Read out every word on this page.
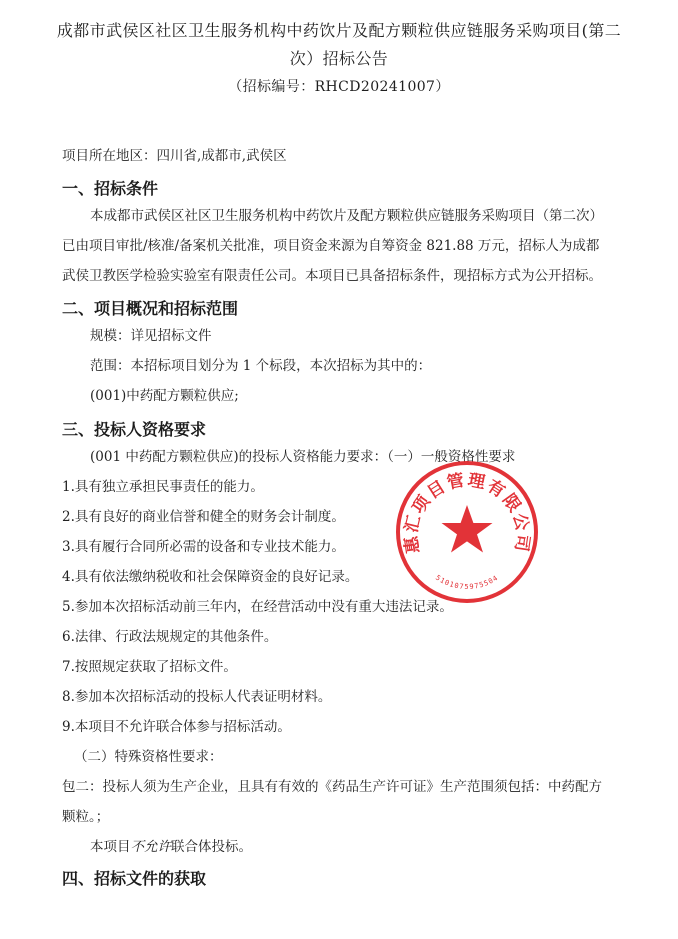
成都市武侯区社区卫生服务机构中药饮片及配方颗粒供应链服务采购项目(第二
次）招标公告
（招标编号：RHCD20241007）
项目所在地区：四川省,成都市,武侯区
一、招标条件
本成都市武侯区社区卫生服务机构中药饮片及配方颗粒供应链服务采购项目（第二次）
已由项目审批/核准/备案机关批准，项目资金来源为自筹资金 821.88 万元，招标人为成都
武侯卫教医学检验实验室有限责任公司。本项目已具备招标条件，现招标方式为公开招标。
二、项目概况和招标范围
规模：详见招标文件
范围：本招标项目划分为 1 个标段，本次招标为其中的：
(001)中药配方颗粒供应;
三、投标人资格要求
(001 中药配方颗粒供应)的投标人资格能力要求：（一）一般资格性要求
1.具有独立承担民事责任的能力。
2.具有良好的商业信誉和健全的财务会计制度。
3.具有履行合同所必需的设备和专业技术能力。
4.具有依法缴纳税收和社会保障资金的良好记录。
5.参加本次招标活动前三年内，在经营活动中没有重大违法记录。
6.法律、行政法规规定的其他条件。
7.按照规定获取了招标文件。
8.参加本次招标活动的投标人代表证明材料。
9.本项目不允许联合体参与招标活动。
（二）特殊资格性要求：
包二：投标人须为生产企业，且具有有效的《药品生产许可证》生产范围须包括：中药配方
颗粒。；
本项目不允许联合体投标。
四、招标文件的获取
惠汇项目管理有限公司
5101075975504
